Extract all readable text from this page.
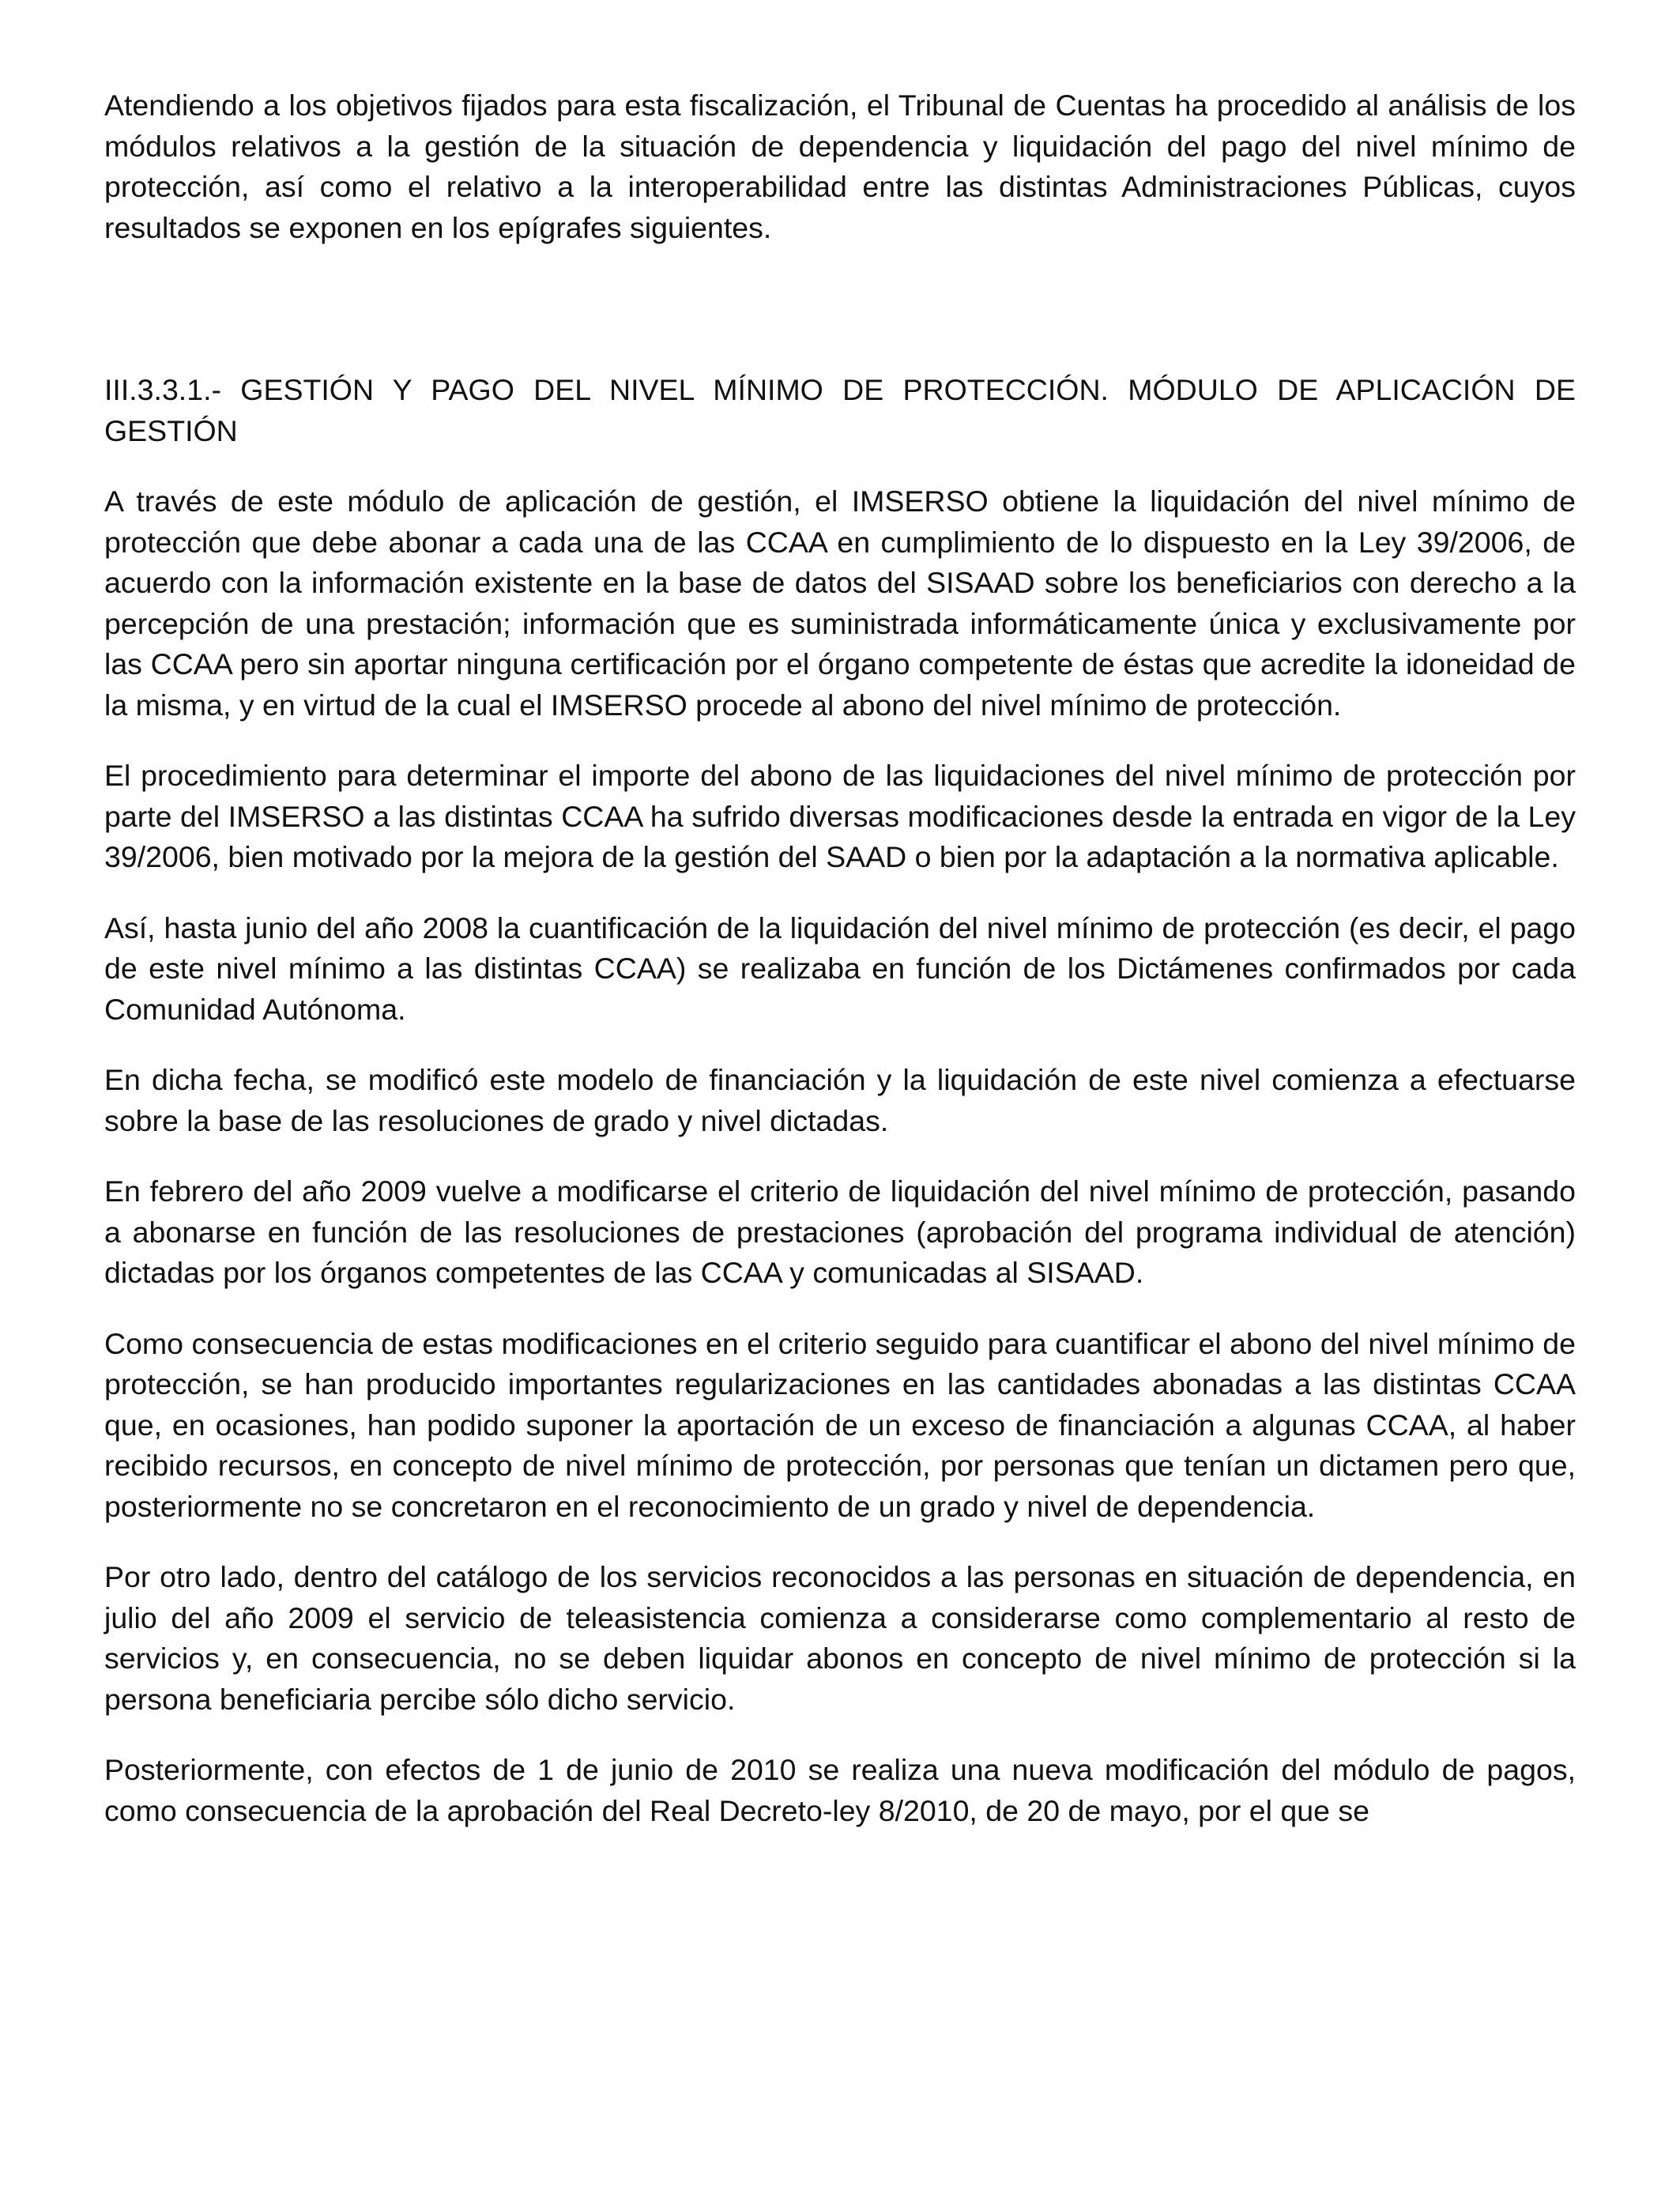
Atendiendo a los objetivos fijados para esta fiscalización, el Tribunal de Cuentas ha procedido al análisis de los módulos relativos a la gestión de la situación de dependencia y liquidación del pago del nivel mínimo de protección, así como el relativo a la interoperabilidad entre las distintas Administraciones Públicas, cuyos resultados se exponen en los epígrafes siguientes.

III.3.3.1.- GESTIÓN Y PAGO DEL NIVEL MÍNIMO DE PROTECCIÓN. MÓDULO DE APLICACIÓN DE GESTIÓN

A través de este módulo de aplicación de gestión, el IMSERSO obtiene la liquidación del nivel mínimo de protección que debe abonar a cada una de las CCAA en cumplimiento de lo dispuesto en la Ley 39/2006, de acuerdo con la información existente en la base de datos del SISAAD sobre los beneficiarios con derecho a la percepción de una prestación; información que es suministrada informáticamente única y exclusivamente por las CCAA pero sin aportar ninguna certificación por el órgano competente de éstas que acredite la idoneidad de la misma, y en virtud de la cual el IMSERSO procede al abono del nivel mínimo de protección.

El procedimiento para determinar el importe del abono de las liquidaciones del nivel mínimo de protección por parte del IMSERSO a las distintas CCAA ha sufrido diversas modificaciones desde la entrada en vigor de la Ley 39/2006, bien motivado por la mejora de la gestión del SAAD o bien por la adaptación a la normativa aplicable.

Así, hasta junio del año 2008 la cuantificación de la liquidación del nivel mínimo de protección (es decir, el pago de este nivel mínimo a las distintas CCAA) se realizaba en función de los Dictámenes confirmados por cada Comunidad Autónoma.

En dicha fecha, se modificó este modelo de financiación y la liquidación de este nivel comienza a efectuarse sobre la base de las resoluciones de grado y nivel dictadas.

En febrero del año 2009 vuelve a modificarse el criterio de liquidación del nivel mínimo de protección, pasando a abonarse en función de las resoluciones de prestaciones (aprobación del programa individual de atención) dictadas por los órganos competentes de las CCAA y comunicadas al SISAAD.

Como consecuencia de estas modificaciones en el criterio seguido para cuantificar el abono del nivel mínimo de protección, se han producido importantes regularizaciones en las cantidades abonadas a las distintas CCAA que, en ocasiones, han podido suponer la aportación de un exceso de financiación a algunas CCAA, al haber recibido recursos, en concepto de nivel mínimo de protección, por personas que tenían un dictamen pero que, posteriormente no se concretaron en el reconocimiento de un grado y nivel de dependencia.

Por otro lado, dentro del catálogo de los servicios reconocidos a las personas en situación de dependencia, en julio del año 2009 el servicio de teleasistencia comienza a considerarse como complementario al resto de servicios y, en consecuencia, no se deben liquidar abonos en concepto de nivel mínimo de protección si la persona beneficiaria percibe sólo dicho servicio.

Posteriormente, con efectos de 1 de junio de 2010 se realiza una nueva modificación del módulo de pagos, como consecuencia de la aprobación del Real Decreto-ley 8/2010, de 20 de mayo, por el que se
